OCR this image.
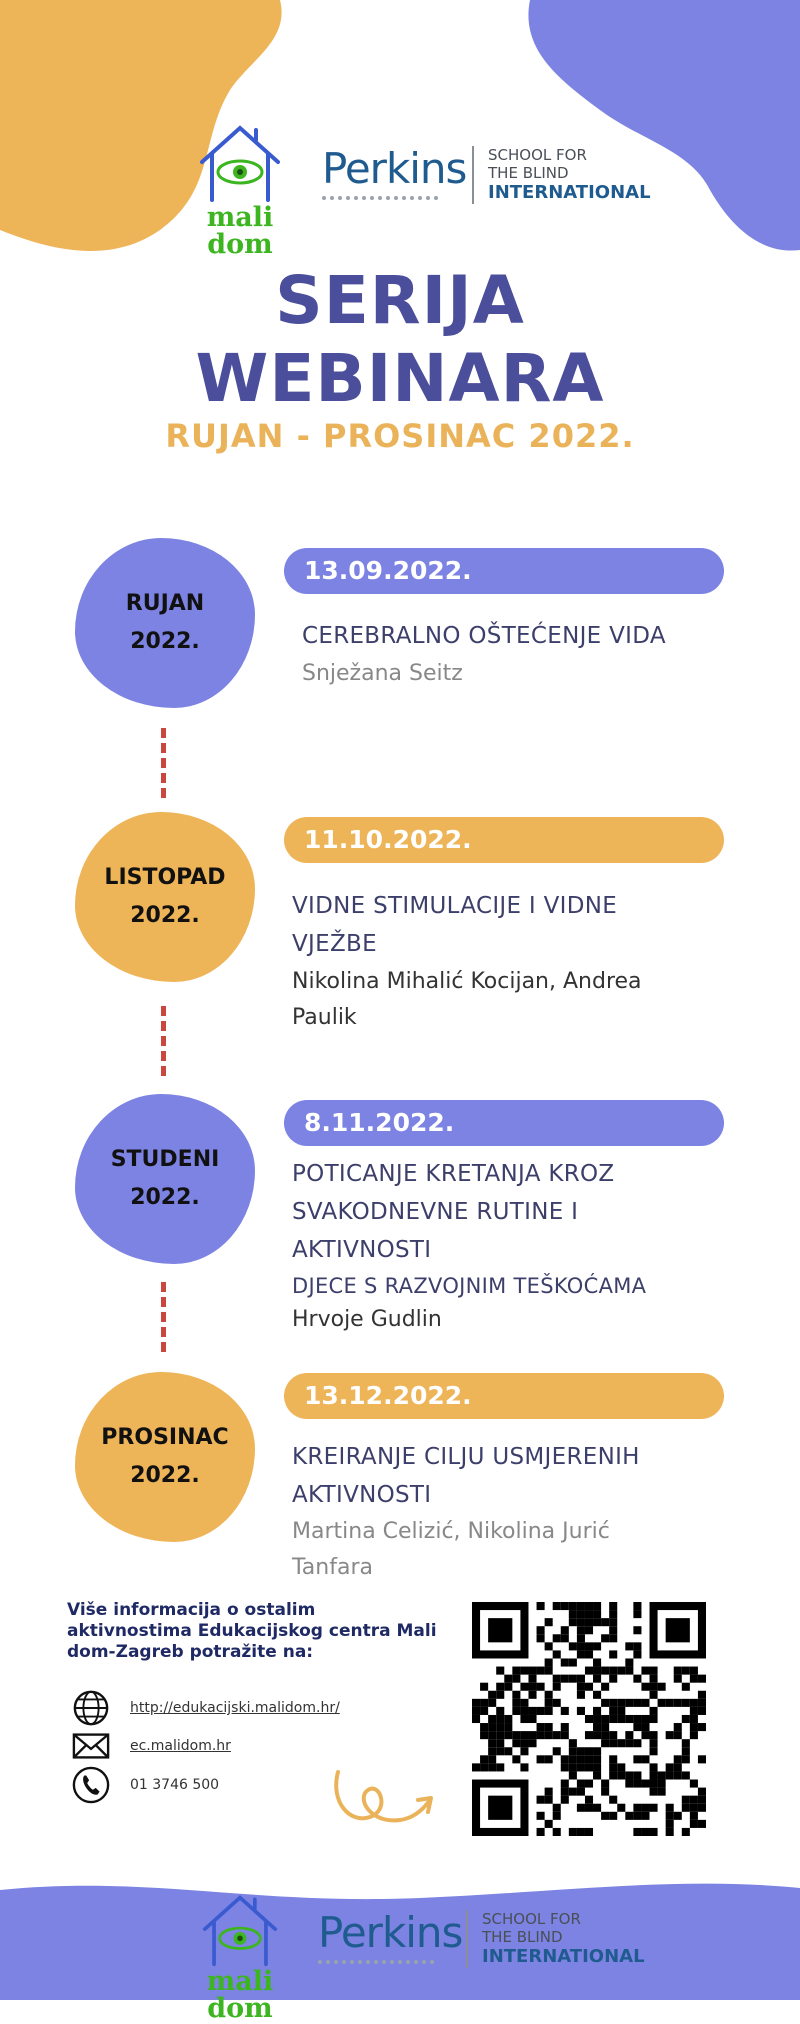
mali dom
Perkins SCHOOL FOR
THE BLIND
INTERNATIONAL
SERIJA
WEBINARA
RUJAN - PROSINAC 2022.
RUJAN
2022.
13.09.2022.
CEREBRALNO OŠTEĆENJE VIDA
Snježana Seitz
LISTOPAD
2022.
11.10.2022.
VIDNE STIMULACIJE I VIDNE
VJEŽBE
Nikolina Mihalić Kocijan, Andrea
Paulik
STUDENI
2022.
8.11.2022.
POTICANJE KRETANJA KROZ
SVAKODNEVNE RUTINE I
AKTIVNOSTI
DJECE S RAZVOJNIM TEŠKOĆAMA
Hrvoje Gudlin
PROSINAC
2022.
13.12.2022.
KREIRANJE CILJU USMJERENIH
AKTIVNOSTI
Martina Celizić, Nikolina Jurić
Tanfara
Više informacija o ostalim
aktivnostima Edukacijskog centra Mali
dom-Zagreb potražite na:
http://edukacijski.malidom.hr/
ec.malidom.hr
01 3746 500
mali dom
Perkins SCHOOL FOR
THE BLIND
INTERNATIONAL
